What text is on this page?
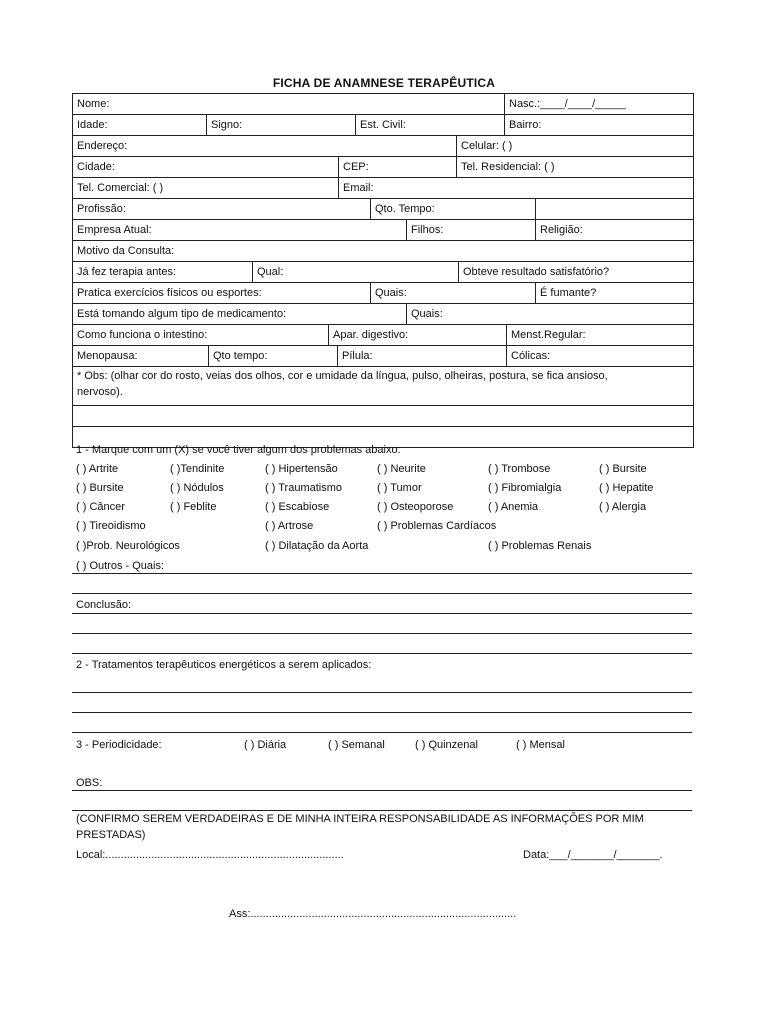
FICHA DE ANAMNESE TERAPÊUTICA
Nome:	Nasc.:____/____/_____
Idade:	Signo:	Est. Civil:	Bairro:
Endereço:	Celular: ( )
Cidade:	CEP:	Tel. Residencial: ( )
Tel. Comercial: ( )	Email:
Profissão:	Qto. Tempo:
Empresa Atual:	Filhos:	Religião:
Motivo da Consulta:
Já fez terapia antes:	Qual:	Obteve resultado satisfatório?
Pratica exercícios físicos ou esportes:	Quais:	É fumante?
Está tomando algum tipo de medicamento:	Quais:
Como funciona o intestino:	Apar. digestivo:	Menst.Regular:
Menopausa:	Qto tempo:	Pílula:	Cólicas:
* Obs: (olhar cor do rosto, veias dos olhos, cor e umidade da língua, pulso, olheiras, postura, se fica ansioso,
nervoso).
1 - Marque com um (X) se você tiver algum dos problemas abaixo:
( ) Artrite	( )Tendinite	( ) Hipertensão	( ) Neurite	( ) Trombose	( ) Bursite
( ) Bursite	( ) Nódulos	( ) Traumatismo	( ) Tumor	( ) Fibromialgia	( ) Hepatite
( ) Câncer	( ) Feblite	( ) Escabiose	( ) Osteoporose	( ) Anemia	( ) Alergia
( ) Tireoidismo	( ) Artrose	( ) Problemas Cardíacos
( )Prob. Neurológicos	( ) Dilatação da Aorta	( ) Problemas Renais
( ) Outros - Quais:
Conclusão:
2 - Tratamentos terapêuticos energéticos a serem aplicados:
3 - Periodicidade:	( ) Diária	( ) Semanal	( ) Quinzenal	( ) Mensal
OBS:
(CONFIRMO SEREM VERDADEIRAS E DE MINHA INTEIRA RESPONSABILIDADE AS INFORMAÇÕES POR MIM
PRESTADAS)
Local:..............................................................................	Data:___/_______/_______.
Ass:.......................................................................................
